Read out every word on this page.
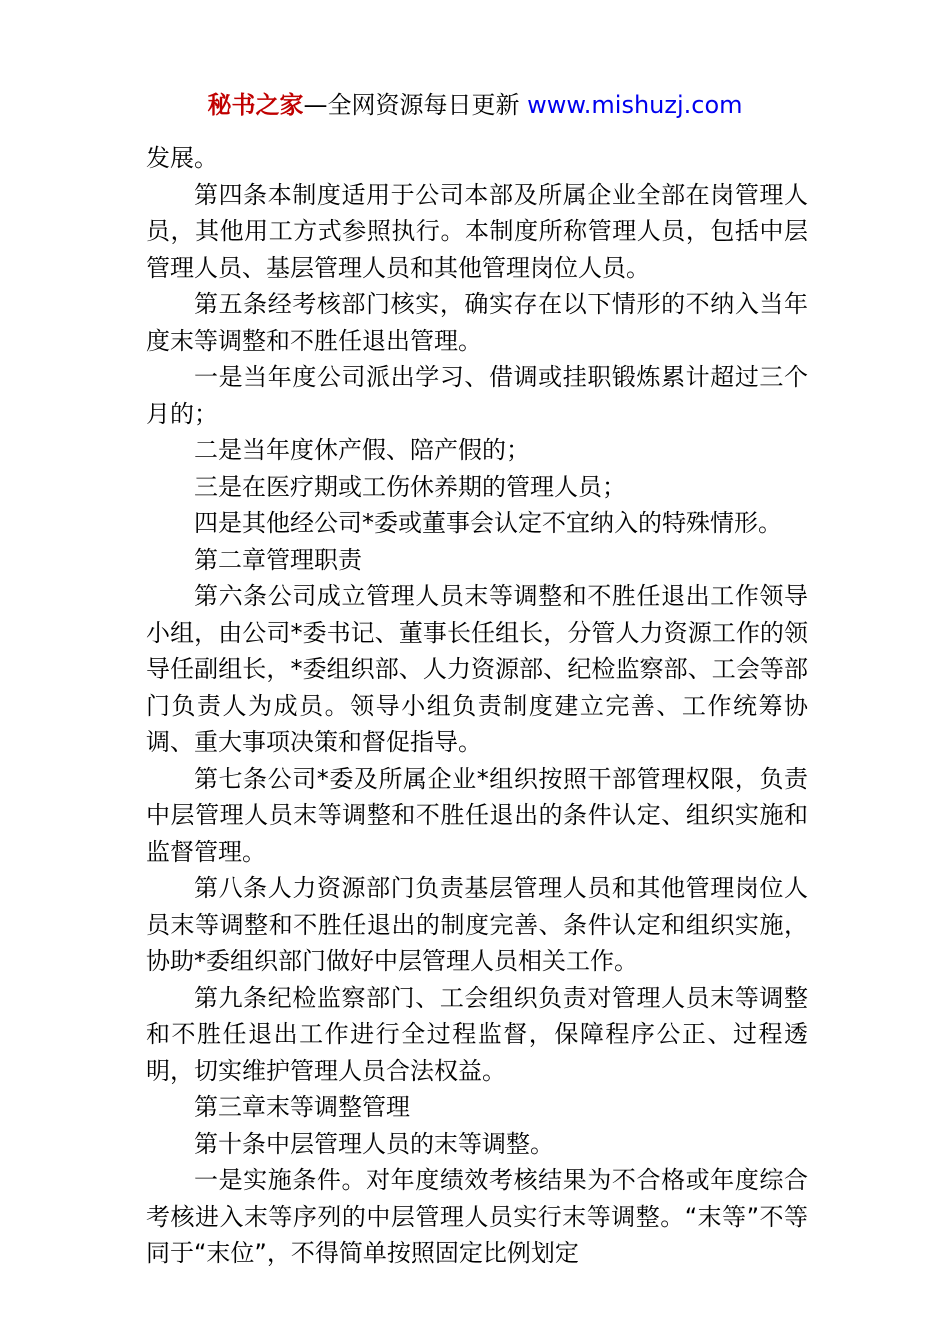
秘书之家—全网资源每日更新 www.mishuzj.com

发展。

第四条本制度适用于公司本部及所属企业全部在岗管理人员，其他用工方式参照执行。本制度所称管理人员，包括中层管理人员、基层管理人员和其他管理岗位人员。

第五条经考核部门核实，确实存在以下情形的不纳入当年度末等调整和不胜任退出管理。

一是当年度公司派出学习、借调或挂职锻炼累计超过三个月的；

二是当年度休产假、陪产假的；

三是在医疗期或工伤休养期的管理人员；

四是其他经公司*委或董事会认定不宜纳入的特殊情形。

第二章管理职责

第六条公司成立管理人员末等调整和不胜任退出工作领导小组，由公司*委书记、董事长任组长，分管人力资源工作的领导任副组长，*委组织部、人力资源部、纪检监察部、工会等部门负责人为成员。领导小组负责制度建立完善、工作统筹协调、重大事项决策和督促指导。

第七条公司*委及所属企业*组织按照干部管理权限，负责中层管理人员末等调整和不胜任退出的条件认定、组织实施和监督管理。

第八条人力资源部门负责基层管理人员和其他管理岗位人员末等调整和不胜任退出的制度完善、条件认定和组织实施，协助*委组织部门做好中层管理人员相关工作。

第九条纪检监察部门、工会组织负责对管理人员末等调整和不胜任退出工作进行全过程监督，保障程序公正、过程透明，切实维护管理人员合法权益。

第三章末等调整管理

第十条中层管理人员的末等调整。

一是实施条件。对年度绩效考核结果为不合格或年度综合考核进入末等序列的中层管理人员实行末等调整。“末等”不等同于“末位”，不得简单按照固定比例划定
